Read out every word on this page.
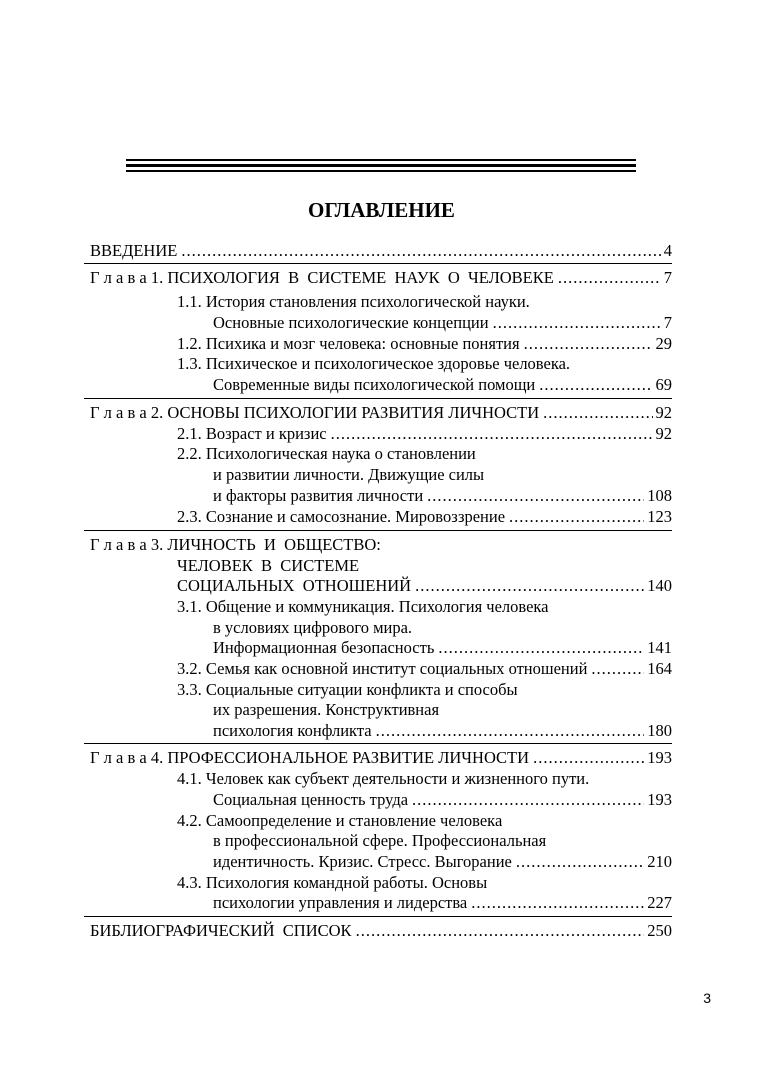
ОГЛАВЛЕНИЕ
ВВЕДЕНИЕ .....	4
Г л а в а 1. ПСИХОЛОГИЯ  В  СИСТЕМЕ  НАУК  О  ЧЕЛОВЕКЕ .....	7
1.1. История становления психологической науки.
Основные психологические концепции .....	7
1.2. Психика и мозг человека: основные понятия .....	29
1.3. Психическое и психологическое здоровье человека.
Современные виды психологической помощи .....	69
Г л а в а 2. ОСНОВЫ ПСИХОЛОГИИ РАЗВИТИЯ ЛИЧНОСТИ .....	92
2.1. Возраст и кризис .....	92
2.2. Психологическая наука о становлении
и развитии личности. Движущие силы
и факторы развития личности .....	108
2.3. Сознание и самосознание. Мировоззрение .....	123
Г л а в а 3. ЛИЧНОСТЬ  И  ОБЩЕСТВО:
ЧЕЛОВЕК  В  СИСТЕМЕ
СОЦИАЛЬНЫХ  ОТНОШЕНИЙ .....	140
3.1. Общение и коммуникация. Психология человека
в условиях цифрового мира.
Информационная безопасность .....	141
3.2. Семья как основной институт социальных отношений .....	164
3.3. Социальные ситуации конфликта и способы
их разрешения. Конструктивная
психология конфликта .....	180
Г л а в а 4. ПРОФЕССИОНАЛЬНОЕ РАЗВИТИЕ ЛИЧНОСТИ .....	193
4.1. Человек как субъект деятельности и жизненного пути.
Социальная ценность труда .....	193
4.2. Самоопределение и становление человека
в профессиональной сфере. Профессиональная
идентичность. Кризис. Стресс. Выгорание .....	210
4.3. Психология командной работы. Основы
психологии управления и лидерства .....	227
БИБЛИОГРАФИЧЕСКИЙ  СПИСОК .....	250
3
